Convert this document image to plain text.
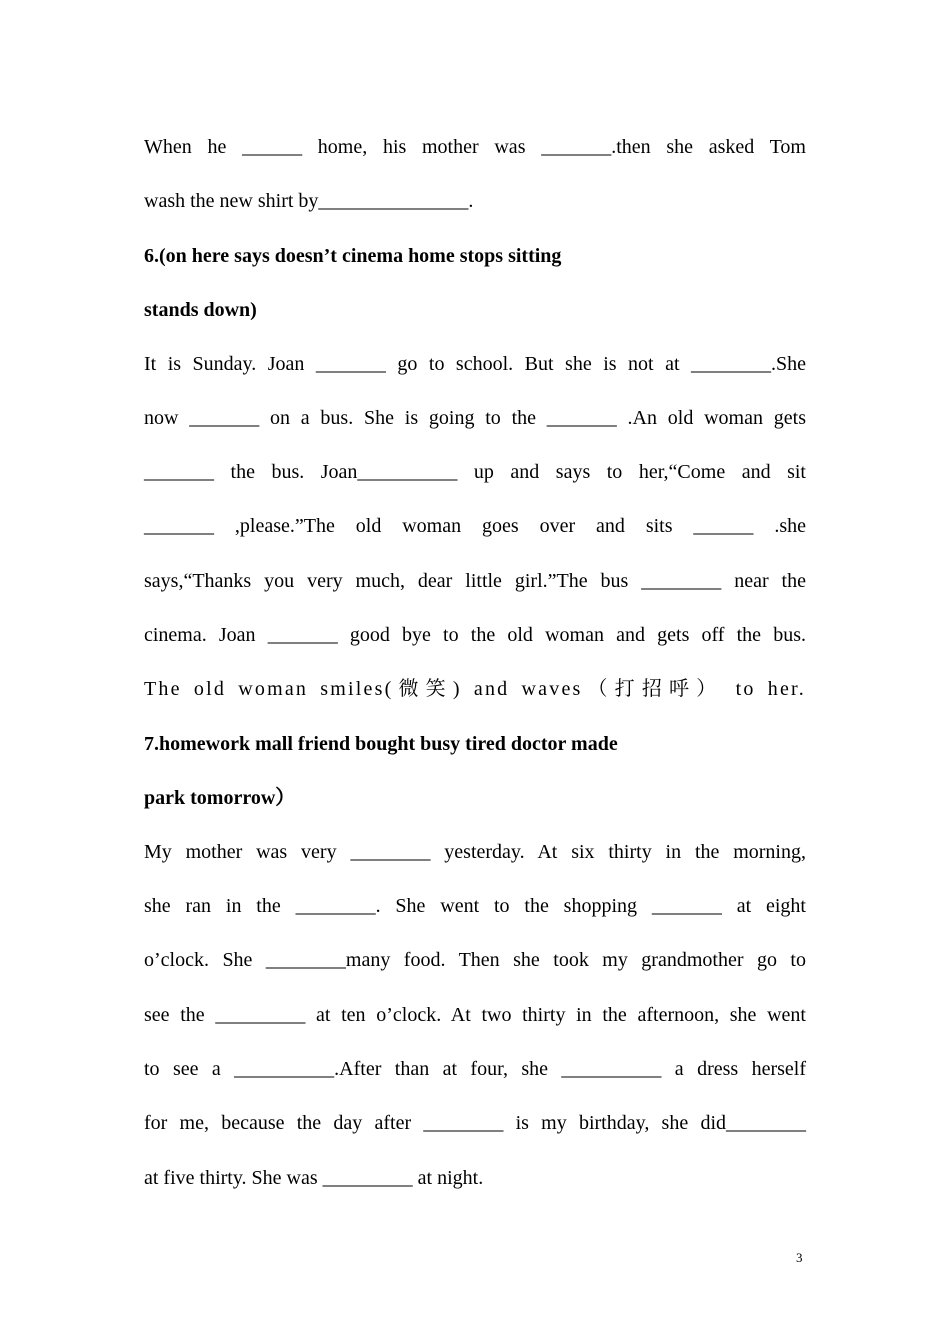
When he ______ home, his mother was _______.then she asked Tom
wash the new shirt by_______________.
6.(on here says doesn’t cinema home stops sitting
stands down)
It is Sunday. Joan _______ go to school. But she is not at ________.She
now _______ on a bus. She is going to the _______ .An old woman gets
_______ the bus. Joan__________ up and says to her,“Come and sit
_______ ,please.”The old woman goes over and sits ______ .she
says,“Thanks you very much, dear little girl.”The bus ________ near the
cinema. Joan _______ good bye to the old woman and gets off the bus.
The old woman smiles(微笑) and waves（打招呼） to her.
7.homework mall friend bought busy tired doctor made
park tomorrow）
My mother was very ________ yesterday. At six thirty in the morning,
she ran in the ________. She went to the shopping _______ at eight
o’clock. She ________many food. Then she took my grandmother go to
see the _________ at ten o’clock. At two thirty in the afternoon, she went
to see a __________.After than at four, she __________ a dress herself
for me, because the day after ________ is my birthday, she did________
at five thirty. She was _________ at night.
3
